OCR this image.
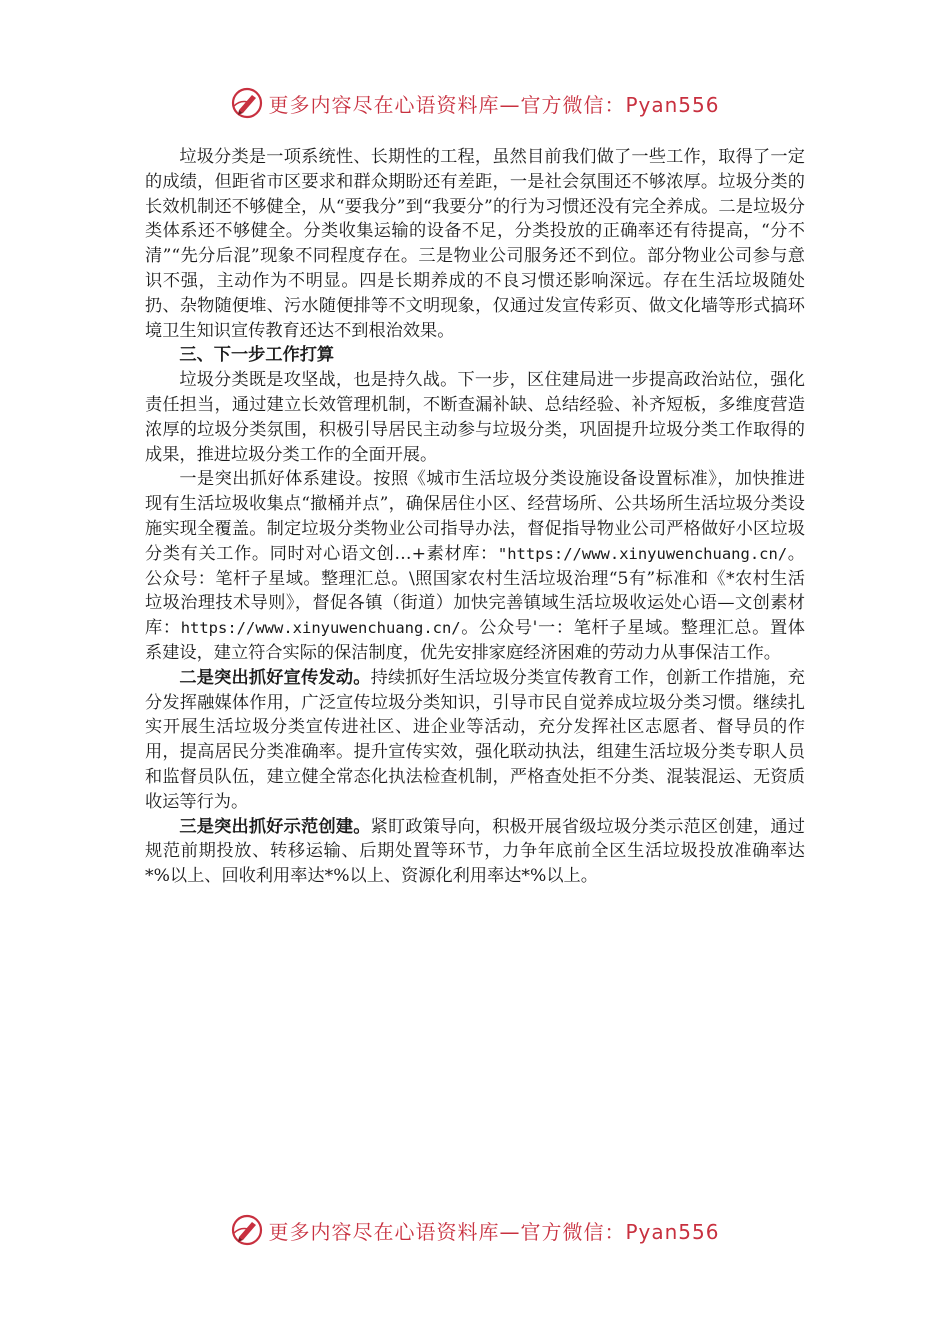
更多内容尽在心语资料库—官方微信：Pyan556

垃圾分类是一项系统性、长期性的工程，虽然目前我们做了一些工作，取得了一定的成绩，但距省市区要求和群众期盼还有差距，一是社会氛围还不够浓厚。垃圾分类的长效机制还不够健全，从“要我分”到“我要分”的行为习惯还没有完全养成。二是垃圾分类体系还不够健全。分类收集运输的设备不足，分类投放的正确率还有待提高，“分不清”“先分后混”现象不同程度存在。三是物业公司服务还不到位。部分物业公司参与意识不强，主动作为不明显。四是长期养成的不良习惯还影响深远。存在生活垃圾随处扔、杂物随便堆、污水随便排等不文明现象，仅通过发宣传彩页、做文化墙等形式搞环境卫生知识宣传教育还达不到根治效果。

三、下一步工作打算

垃圾分类既是攻坚战，也是持久战。下一步，区住建局进一步提高政治站位，强化责任担当，通过建立长效管理机制，不断查漏补缺、总结经验、补齐短板，多维度营造浓厚的垃圾分类氛围，积极引导居民主动参与垃圾分类，巩固提升垃圾分类工作取得的成果，推进垃圾分类工作的全面开展。

一是突出抓好体系建设。按照《城市生活垃圾分类设施设备设置标准》，加快推进现有生活垃圾收集点“撤桶并点”，确保居住小区、经营场所、公共场所生活垃圾分类设施实现全覆盖。制定垃圾分类物业公司指导办法，督促指导物业公司严格做好小区垃圾分类有关工作。同时对心语文创…+素材库："https://www.xinyuwenchuang.cn/。公众号：笔杆子星域。整理汇总。\照国家农村生活垃圾治理“5有”标准和《*农村生活垃圾治理技术导则》，督促各镇（街道）加快完善镇域生活垃圾收运处心语—文创素材库：https://www.xinyuwenchuang.cn/。公众号'一：笔杆子星域。整理汇总。置体系建设，建立符合实际的保洁制度，优先安排家庭经济困难的劳动力从事保洁工作。

二是突出抓好宣传发动。持续抓好生活垃圾分类宣传教育工作，创新工作措施，充分发挥融媒体作用，广泛宣传垃圾分类知识，引导市民自觉养成垃圾分类习惯。继续扎实开展生活垃圾分类宣传进社区、进企业等活动，充分发挥社区志愿者、督导员的作用，提高居民分类准确率。提升宣传实效，强化联动执法，组建生活垃圾分类专职人员和监督员队伍，建立健全常态化执法检查机制，严格查处拒不分类、混装混运、无资质收运等行为。

三是突出抓好示范创建。紧盯政策导向，积极开展省级垃圾分类示范区创建，通过规范前期投放、转移运输、后期处置等环节，力争年底前全区生活垃圾投放准确率达*%以上、回收利用率达*%以上、资源化利用率达*%以上。

更多内容尽在心语资料库—官方微信：Pyan556
